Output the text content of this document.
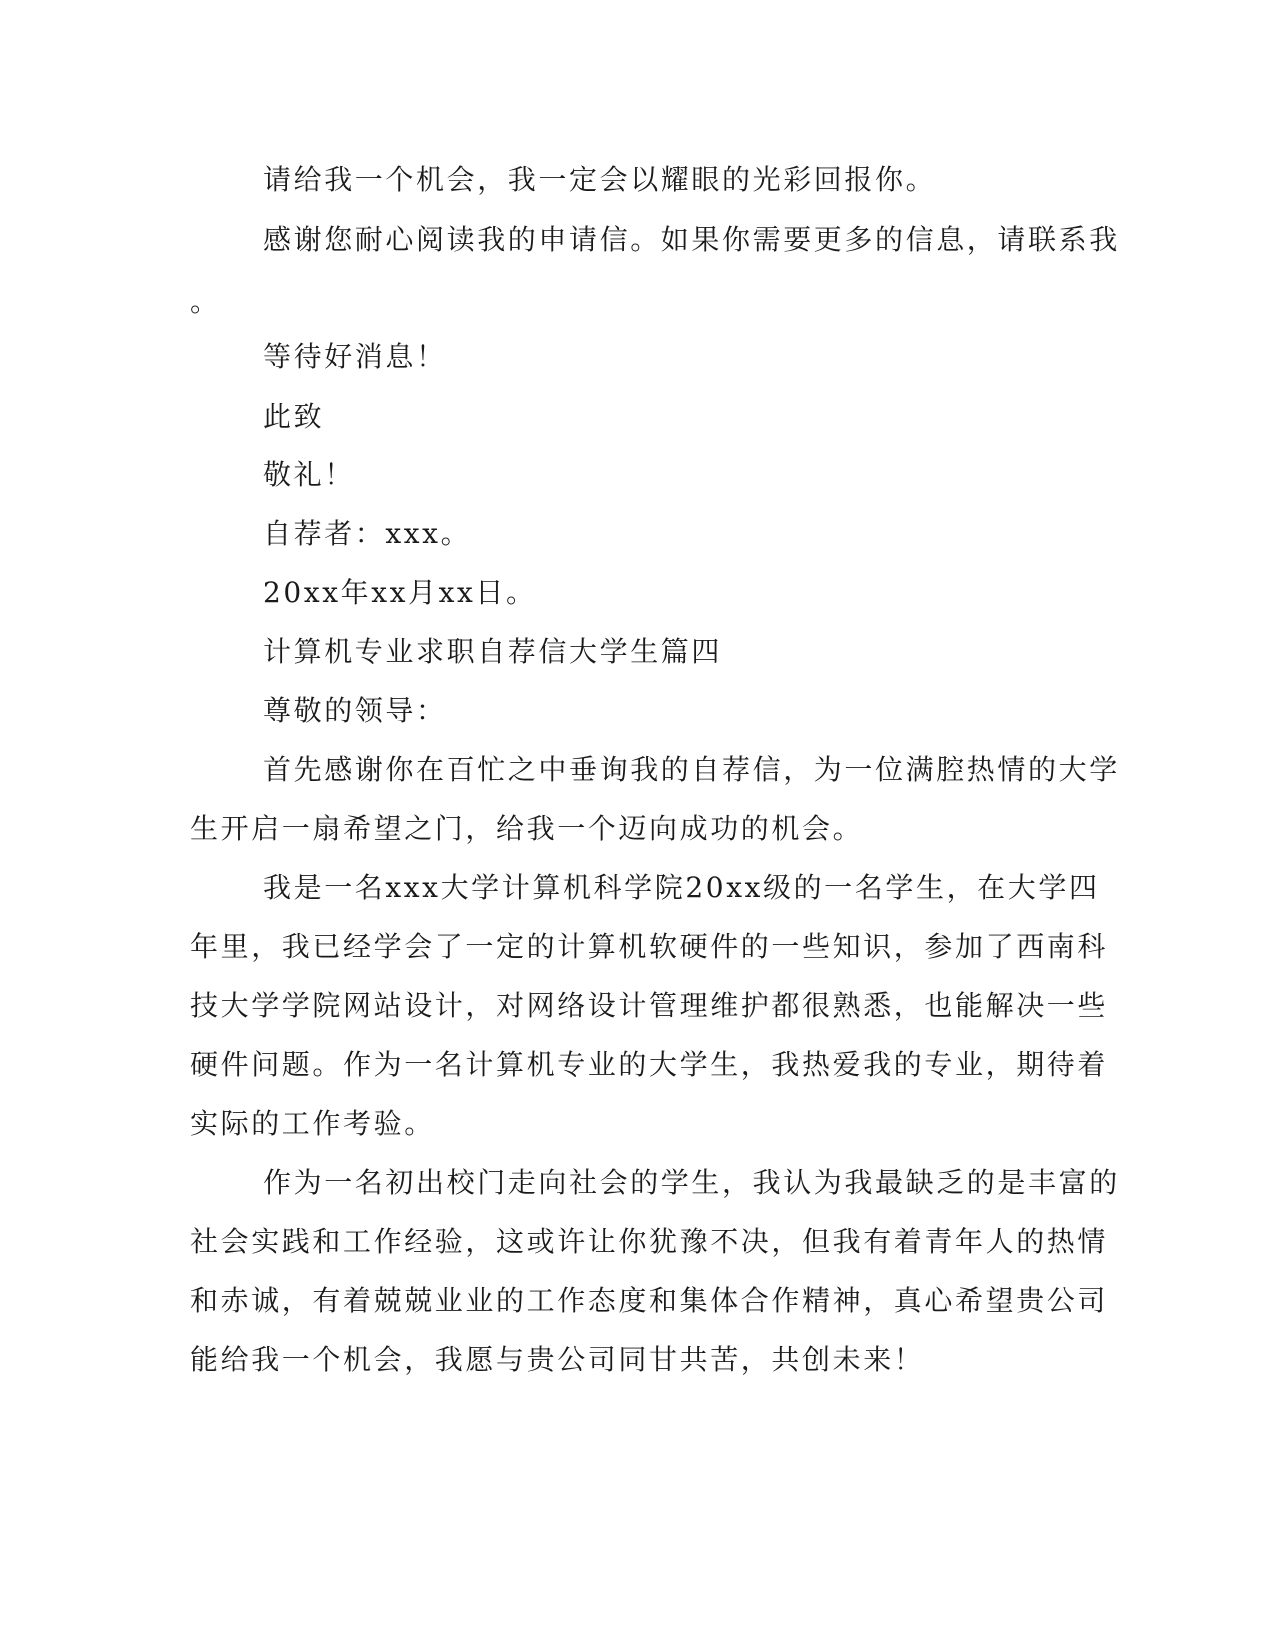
请给我一个机会，我一定会以耀眼的光彩回报你。

感谢您耐心阅读我的申请信。如果你需要更多的信息，请联系我

。

等待好消息！

此致

敬礼！

自荐者：xxx。

20xx年xx月xx日。

计算机专业求职自荐信大学生篇四

尊敬的领导：

首先感谢你在百忙之中垂询我的自荐信，为一位满腔热情的大学

生开启一扇希望之门，给我一个迈向成功的机会。

我是一名xxx大学计算机科学院20xx级的一名学生，在大学四

年里，我已经学会了一定的计算机软硬件的一些知识，参加了西南科

技大学学院网站设计，对网络设计管理维护都很熟悉，也能解决一些

硬件问题。作为一名计算机专业的大学生，我热爱我的专业，期待着

实际的工作考验。

作为一名初出校门走向社会的学生，我认为我最缺乏的是丰富的

社会实践和工作经验，这或许让你犹豫不决，但我有着青年人的热情

和赤诚，有着兢兢业业的工作态度和集体合作精神，真心希望贵公司

能给我一个机会，我愿与贵公司同甘共苦，共创未来！
